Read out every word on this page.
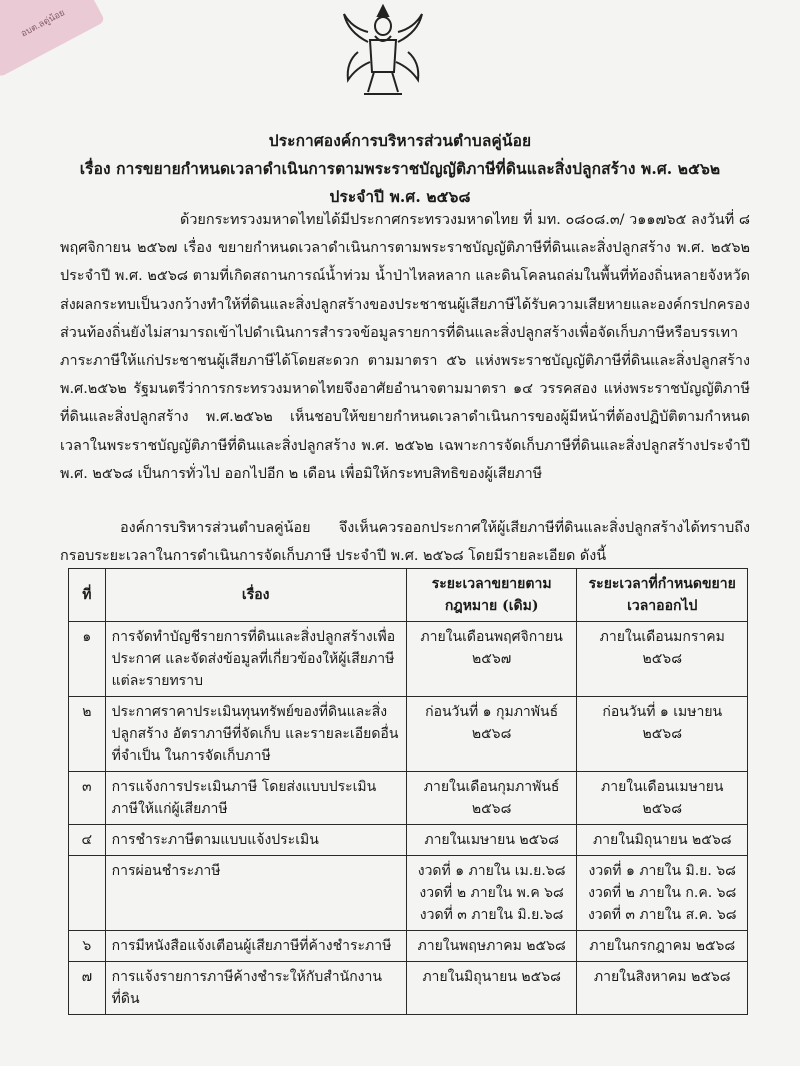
อบต.ลดู่น้อย
ประกาศองค์การบริหารส่วนตำบลคู่น้อย
เรื่อง การขยายกำหนดเวลาดำเนินการตามพระราชบัญญัติภาษีที่ดินและสิ่งปลูกสร้าง พ.ศ. ๒๕๖๒
ประจำปี พ.ศ. ๒๕๖๘
ด้วยกระทรวงมหาดไทยได้มีประกาศกระทรวงมหาดไทย ที่ มท. ๐๘๐๘.๓/ ว๑๑๗๖๕ ลงวันที่ ๘ พฤศจิกายน ๒๕๖๗ เรื่อง ขยายกำหนดเวลาดำเนินการตามพระราชบัญญัติภาษีที่ดินและสิ่งปลูกสร้าง พ.ศ. ๒๕๖๒ ประจำปี พ.ศ. ๒๕๖๘ ตามที่เกิดสถานการณ์น้ำท่วม น้ำป่าไหลหลาก และดินโคลนถล่มในพื้นที่ท้องถิ่นหลายจังหวัดส่งผลกระทบเป็นวงกว้างทำให้ที่ดินและสิ่งปลูกสร้างของประชาชนผู้เสียภาษีได้รับความเสียหายและองค์กรปกครองส่วนท้องถิ่นยังไม่สามารถเข้าไปดำเนินการสำรวจข้อมูลรายการที่ดินและสิ่งปลูกสร้างเพื่อจัดเก็บภาษีหรือบรรเทาภาระภาษีให้แก่ประชาชนผู้เสียภาษีได้โดยสะดวก ตามมาตรา ๕๖ แห่งพระราชบัญญัติภาษีที่ดินและสิ่งปลูกสร้าง พ.ศ.๒๕๖๒ รัฐมนตรีว่าการกระทรวงมหาดไทยจึงอาศัยอำนาจตามมาตรา ๑๔ วรรคสอง แห่งพระราชบัญญัติภาษีที่ดินและสิ่งปลูกสร้าง พ.ศ.๒๕๖๒ เห็นชอบให้ขยายกำหนดเวลาดำเนินการของผู้มีหน้าที่ต้องปฏิบัติตามกำหนดเวลาในพระราชบัญญัติภาษีที่ดินและสิ่งปลูกสร้าง พ.ศ. ๒๕๖๒ เฉพาะการจัดเก็บภาษีที่ดินและสิ่งปลูกสร้างประจำปี พ.ศ. ๒๕๖๘ เป็นการทั่วไป ออกไปอีก ๒ เดือน เพื่อมิให้กระทบสิทธิของผู้เสียภาษี
องค์การบริหารส่วนตำบลคู่น้อย จึงเห็นควรออกประกาศให้ผู้เสียภาษีที่ดินและสิ่งปลูกสร้างได้ทราบถึงกรอบระยะเวลาในการดำเนินการจัดเก็บภาษี ประจำปี พ.ศ. ๒๕๖๘ โดยมีรายละเอียด ดังนี้
ที่	เรื่อง	ระยะเวลาขยายตามกฎหมาย (เดิม)	ระยะเวลาที่กำหนดขยายเวลาออกไป
๑	การจัดทำบัญชีรายการที่ดินและสิ่งปลูกสร้างเพื่อประกาศ และจัดส่งข้อมูลที่เกี่ยวข้องให้ผู้เสียภาษีแต่ละรายทราบ	ภายในเดือนพฤศจิกายน ๒๕๖๗	ภายในเดือนมกราคม ๒๕๖๘
๒	ประกาศราคาประเมินทุนทรัพย์ของที่ดินและสิ่งปลูกสร้าง อัตราภาษีที่จัดเก็บ และรายละเอียดอื่นที่จำเป็น ในการจัดเก็บภาษี	ก่อนวันที่ ๑ กุมภาพันธ์ ๒๕๖๘	ก่อนวันที่ ๑ เมษายน ๒๕๖๘
๓	การแจ้งการประเมินภาษี โดยส่งแบบประเมินภาษีให้แก่ผู้เสียภาษี	ภายในเดือนกุมภาพันธ์ ๒๕๖๘	ภายในเดือนเมษายน ๒๕๖๘
๔	การชำระภาษีตามแบบแจ้งประเมิน	ภายในเมษายน ๒๕๖๘	ภายในมิถุนายน ๒๕๖๘
	การผ่อนชำระภาษี	งวดที่ ๑ ภายใน เม.ย.๖๘ งวดที่ ๒ ภายใน พ.ค ๖๘ งวดที่ ๓ ภายใน มิ.ย.๖๘	งวดที่ ๑ ภายใน มิ.ย. ๖๘ งวดที่ ๒ ภายใน ก.ค. ๖๘ งวดที่ ๓ ภายใน ส.ค. ๖๘
๖	การมีหนังสือแจ้งเตือนผู้เสียภาษีที่ค้างชำระภาษี	ภายในพฤษภาคม ๒๕๖๘	ภายในกรกฎาคม ๒๕๖๘
๗	การแจ้งรายการภาษีค้างชำระให้กับสำนักงานที่ดิน	ภายในมิถุนายน ๒๕๖๘	ภายในสิงหาคม ๒๕๖๘
